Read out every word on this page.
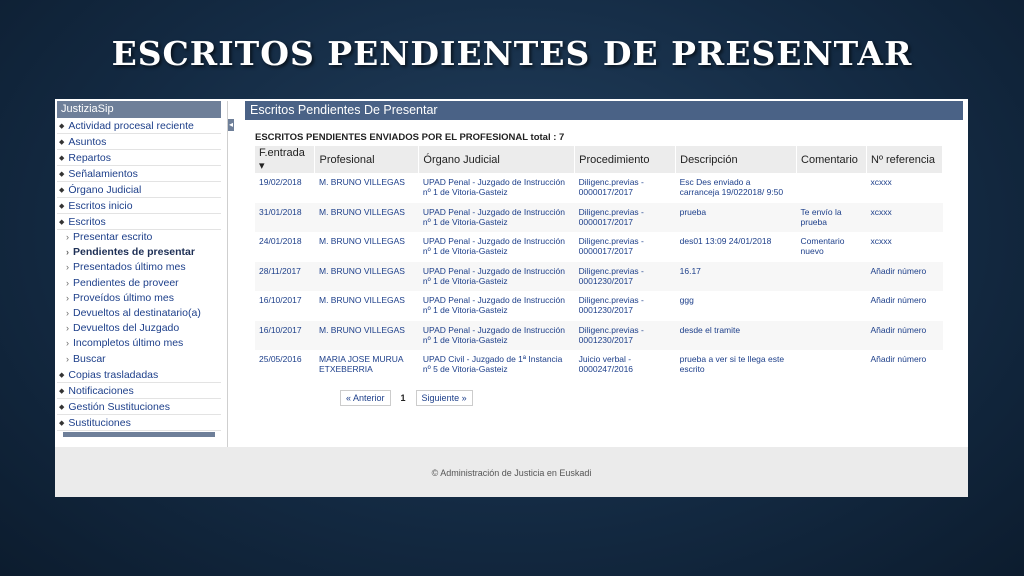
ESCRITOS PENDIENTES DE PRESENTAR
JustiziaSip
◆ Actividad procesal reciente
◆ Asuntos
◆ Repartos
◆ Señalamientos
◆ Órgano Judicial
◆ Escritos inicio
◆ Escritos
› Presentar escrito
› Pendientes de presentar
› Presentados último mes
› Pendientes de proveer
› Proveídos último mes
› Devueltos al destinatario(a)
› Devueltos del Juzgado
› Incompletos último mes
› Buscar
◆ Copias trasladadas
◆ Notificaciones
◆ Gestión Sustituciones
◆ Sustituciones
◂
Escritos Pendientes De Presentar
ESCRITOS PENDIENTES ENVIADOS POR EL PROFESIONAL total : 7
F.entrada ▾	Profesional	Órgano Judicial	Procedimiento	Descripción	Comentario	Nº referencia
19/02/2018	M. BRUNO VILLEGAS	UPAD Penal - Juzgado de Instrucción nº 1 de Vitoria-Gasteiz	Diligenc.previas - 0000017/2017	Esc Des enviado a carranceja 19/022018/ 9:50		xcxxx
31/01/2018	M. BRUNO VILLEGAS	UPAD Penal - Juzgado de Instrucción nº 1 de Vitoria-Gasteiz	Diligenc.previas - 0000017/2017	prueba	Te envío la prueba	xcxxx
24/01/2018	M. BRUNO VILLEGAS	UPAD Penal - Juzgado de Instrucción nº 1 de Vitoria-Gasteiz	Diligenc.previas - 0000017/2017	des01 13:09 24/01/2018	Comentario nuevo	xcxxx
28/11/2017	M. BRUNO VILLEGAS	UPAD Penal - Juzgado de Instrucción nº 1 de Vitoria-Gasteiz	Diligenc.previas - 0001230/2017	16.17		Añadir número
16/10/2017	M. BRUNO VILLEGAS	UPAD Penal - Juzgado de Instrucción nº 1 de Vitoria-Gasteiz	Diligenc.previas - 0001230/2017	ggg		Añadir número
16/10/2017	M. BRUNO VILLEGAS	UPAD Penal - Juzgado de Instrucción nº 1 de Vitoria-Gasteiz	Diligenc.previas - 0001230/2017	desde el tramite		Añadir número
25/05/2016	MARIA JOSE MURUA ETXEBERRIA	UPAD Civil - Juzgado de 1ª Instancia nº 5 de Vitoria-Gasteiz	Juicio verbal - 0000247/2016	prueba a ver si te llega este escrito		Añadir número
« Anterior	1	Siguiente »
© Administración de Justicia en Euskadi
